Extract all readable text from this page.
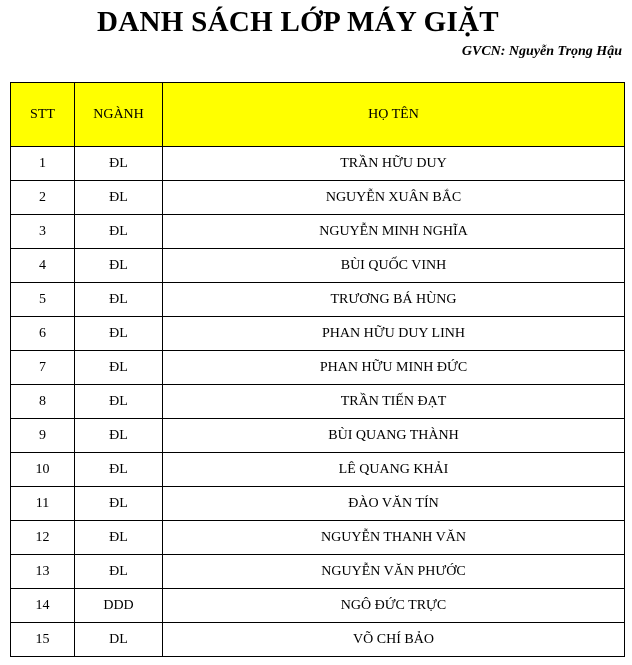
DANH SÁCH LỚP MÁY GIẶT
GVCN: Nguyễn Trọng Hậu
STT	NGÀNH	HỌ TÊN
1	ĐL	TRẦN HỮU DUY
2	ĐL	NGUYỄN XUÂN BẮC
3	ĐL	NGUYỄN MINH NGHĨA
4	ĐL	BÙI QUỐC VINH
5	ĐL	TRƯƠNG BÁ HÙNG
6	ĐL	PHAN HỮU DUY LINH
7	ĐL	PHAN HỮU MINH ĐỨC
8	ĐL	TRẦN TIẾN ĐẠT
9	ĐL	BÙI QUANG THÀNH
10	ĐL	LÊ QUANG KHẢI
11	ĐL	ĐÀO VĂN TÍN
12	ĐL	NGUYỄN THANH VĂN
13	ĐL	NGUYỄN VĂN PHƯỚC
14	DDD	NGÔ ĐỨC TRỰC
15	DL	VÕ CHÍ BẢO
